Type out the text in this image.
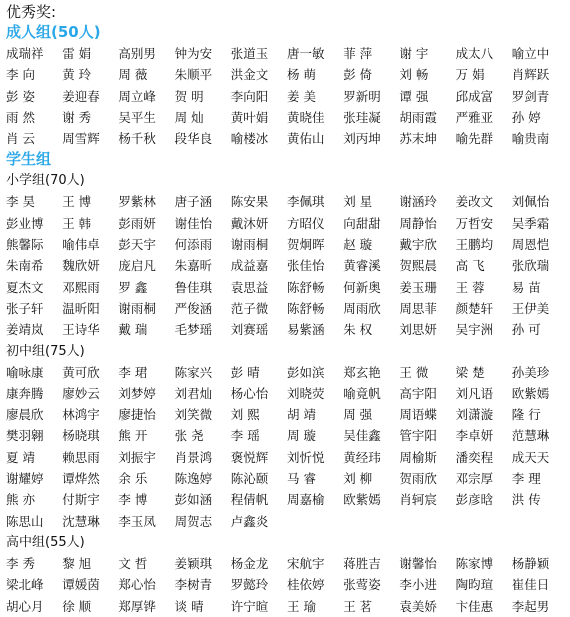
优秀奖:
成人组(50人)
成瑞祥	雷 娟	高别男	钟为安	张道玉	唐一敏	菲 萍	谢 宇	成太八	喻立中
李 向	黄 玲	周 薇	朱顺平	洪金文	杨 萌	彭 倚	刘 畅	万 娟	肖辉跃
彭 姿	姜迎春	周立峰	贺 明	李向阳	姜 美	罗新明	谭 强	邱成富	罗剑青
雨 然	谢 秀	吴平生	周 灿	黄叶娟	黄晓佳	张珪凝	胡雨霞	严雅亚	孙 婷
肖 云	周雪辉	杨千秋	段华良	喻楼冰	黄佑山	刘丙坤	苏末坤	喻先群	喻贵南
学生组
小学组(70人)
李 昊	王 博	罗紫林	唐子涵	陈安果	李佩琪	刘 星	谢涵玲	姜改文	刘佩怡
彭业博	王 韩	彭雨妍	谢佳怡	戴沐妍	方昭仪	向甜甜	周静怡	万哲安	吴季霜
熊馨际	喻伟卓	彭天宇	何添雨	谢雨桐	贺炯晖	赵 璇	戴宇欣	王鹏均	周恩恺
朱南希	魏欣妍	庞启凡	朱嘉昕	成益嘉	张佳怡	黄睿溪	贺熙晨	高 飞	张欣瑞
夏杰文	邓熙雨	罗 鑫	鲁佳琪	袁思益	陈舒畅	何新奥	姜玉珊	王 蓉	易 苗
张子轩	温昕阳	谢雨桐	严俊涵	范子微	陈舒畅	周雨欣	周思菲	颜楚轩	王伊美
姜靖岚	王诗华	戴 瑞	毛梦瑶	刘赛瑶	易紫涵	朱 权	刘思妍	吴宇洲	孙 可
初中组(75人)
喻咏康	黄可欣	李 珺	陈家兴	彭 晴	彭如滨	郑玄艳	王 微	梁 楚	孙美珍
康奔腾	廖妙云	刘梦婷	刘君灿	杨心怡	刘晓荧	喻竟帆	高宇阳	刘凡语	欧紫嫣
廖晨欣	林鸿宇	廖捷怡	刘笑微	刘 熙	胡 靖	周 强	周语蝶	刘潇漩	隆 行
樊羽翱	杨晓琪	熊 开	张 尧	李 瑶	周 璇	吴佳鑫	管宇阳	李卓妍	范慧琳
夏 靖	赖思雨	刘振宇	肖景鸿	褒悦辉	刘忻悦	黄经玮	周榆斯	潘奕程	成天天
谢耀婷	谭烨然	余 乐	陈逸婷	陈沁颐	马 睿	刘 柳	贺雨欣	邓宗厚	李 理
熊 亦	付斯宇	李 博	彭如涵	程倩帆	周嘉榆	欧紫嫣	肖轲宸	彭彦晗	洪 传
陈思山	沈慧琳	李玉凤	周贺志	卢鑫炎
高中组(55人)
李 秀	黎 旭	文 哲	姜颖琪	杨金龙	宋航宇	蒋胜吉	谢馨怡	陈家博	杨静颖
梁北峰	谭媛茵	郑心怡	李树青	罗懿玲	桂依婷	张莺姿	李小进	陶昀瑄	崔佳日
胡心月	徐 顺	郑厚铧	谈 晴	许宁暄	王 瑜	王 茗	袁美娇	卞佳惠	李起男
